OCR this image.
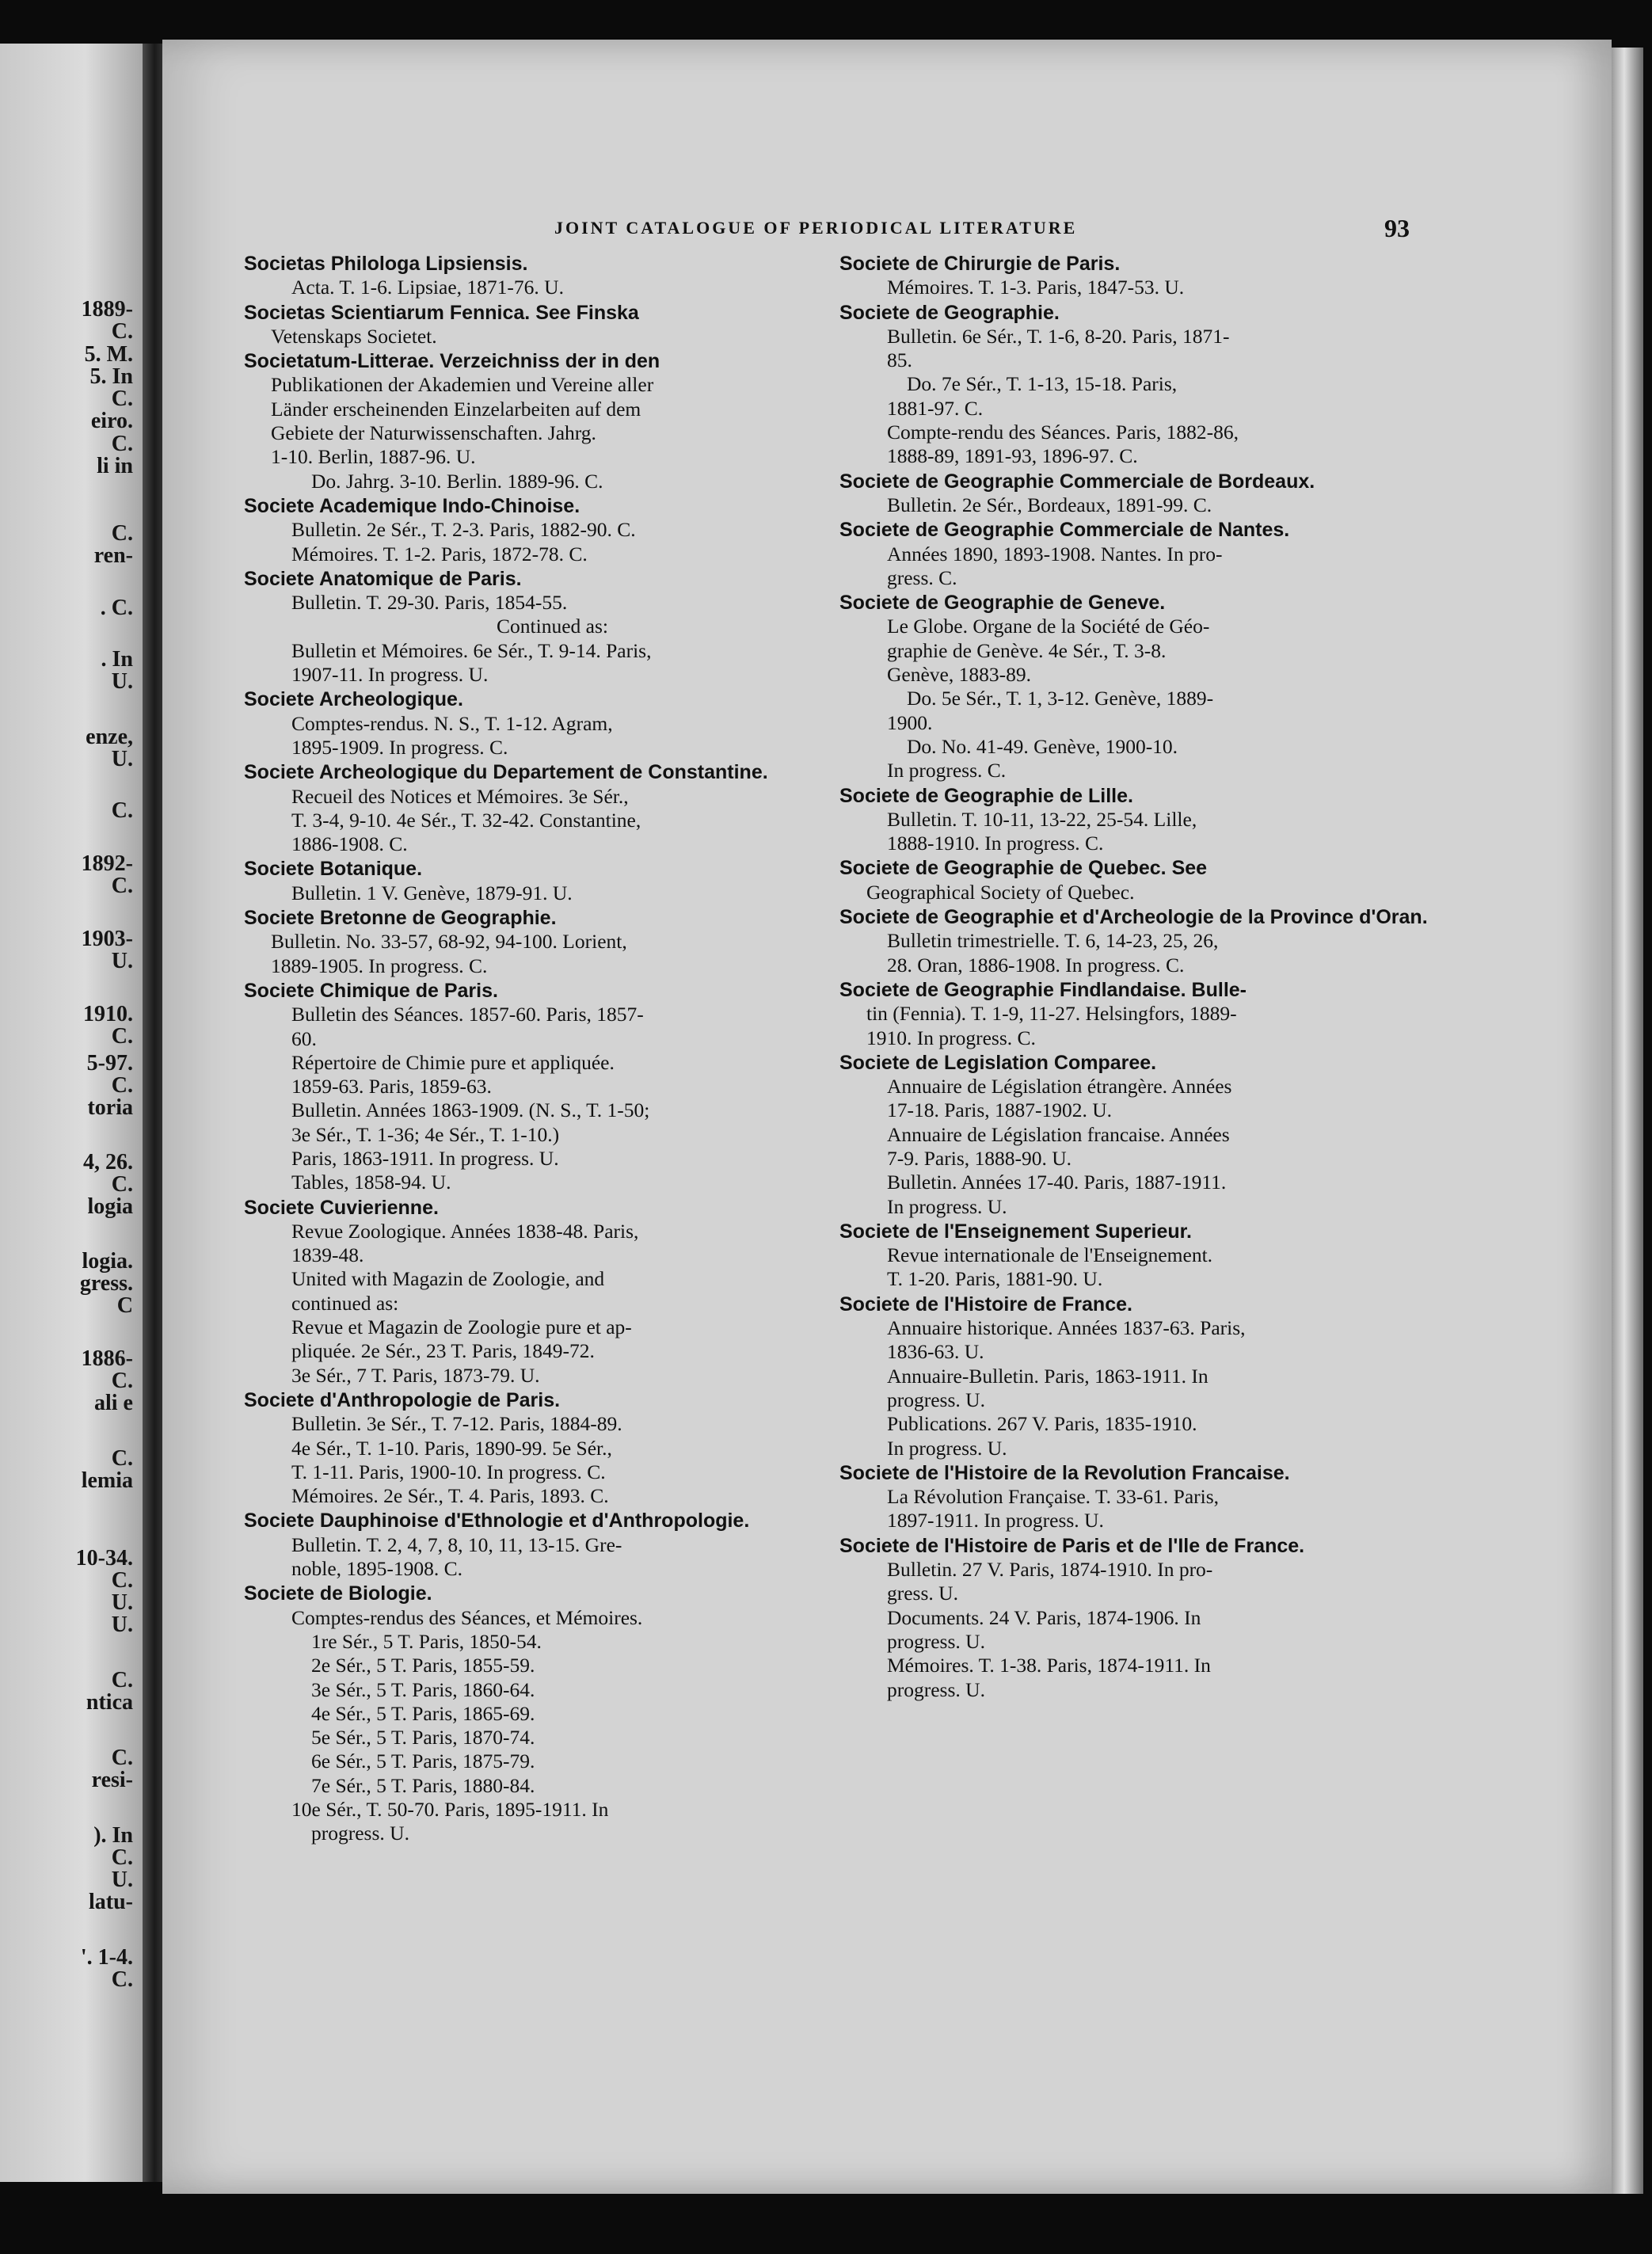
1889-
C.
5. M.
5. In
C.
eiro.
C.
li in
C.
ren-
. C.
. In
U.
enze,
U.
C.
1892-
C.
1903-
U.
1910.
C.
5-97.
C.
toria
4, 26.
C.
logia
logia.
gress.
C
1886-
C.
ali e
C.
lemia
10-34.
C.
U.
U.
C.
ntica
C.
resi-
). In
C.
U.
latu-
'. 1-4.
C.
JOINT CATALOGUE OF PERIODICAL LITERATURE	93

Societas Philologa Lipsiensis.

Acta. T. 1-6. Lipsiae, 1871-76. U.

Societas Scientiarum Fennica. See Finska

Vetenskaps Societet.

Societatum-Litterae. Verzeichniss der in den

Publikationen der Akademien und Vereine aller

Länder erscheinenden Einzelarbeiten auf dem

Gebiete der Naturwissenschaften. Jahrg.

1-10. Berlin, 1887-96. U.

Do. Jahrg. 3-10. Berlin. 1889-96. C.

Societe Academique Indo-Chinoise.

Bulletin. 2e Sér., T. 2-3. Paris, 1882-90. C.

Mémoires. T. 1-2. Paris, 1872-78. C.

Societe Anatomique de Paris.

Bulletin. T. 29-30. Paris, 1854-55.

Continued as:

Bulletin et Mémoires. 6e Sér., T. 9-14. Paris,

1907-11. In progress. U.

Societe Archeologique.

Comptes-rendus. N. S., T. 1-12. Agram,

1895-1909. In progress. C.

Societe Archeologique du Departement de Constantine.

Recueil des Notices et Mémoires. 3e Sér.,

T. 3-4, 9-10. 4e Sér., T. 32-42. Constantine,

1886-1908. C.

Societe Botanique.

Bulletin. 1 V. Genève, 1879-91. U.

Societe Bretonne de Geographie.

Bulletin. No. 33-57, 68-92, 94-100. Lorient,

1889-1905. In progress. C.

Societe Chimique de Paris.

Bulletin des Séances. 1857-60. Paris, 1857-

60.

Répertoire de Chimie pure et appliquée.

1859-63. Paris, 1859-63.

Bulletin. Années 1863-1909. (N. S., T. 1-50;

3e Sér., T. 1-36; 4e Sér., T. 1-10.)

Paris, 1863-1911. In progress. U.

Tables, 1858-94. U.

Societe Cuvierienne.

Revue Zoologique. Années 1838-48. Paris,

1839-48.

United with Magazin de Zoologie, and

continued as:

Revue et Magazin de Zoologie pure et ap-

pliquée. 2e Sér., 23 T. Paris, 1849-72.

3e Sér., 7 T. Paris, 1873-79. U.

Societe d'Anthropologie de Paris.

Bulletin. 3e Sér., T. 7-12. Paris, 1884-89.

4e Sér., T. 1-10. Paris, 1890-99. 5e Sér.,

T. 1-11. Paris, 1900-10. In progress. C.

Mémoires. 2e Sér., T. 4. Paris, 1893. C.

Societe Dauphinoise d'Ethnologie et d'Anthropologie.

Bulletin. T. 2, 4, 7, 8, 10, 11, 13-15. Gre-

noble, 1895-1908. C.

Societe de Biologie.

Comptes-rendus des Séances, et Mémoires.

1re Sér., 5 T. Paris, 1850-54.

2e Sér., 5 T. Paris, 1855-59.

3e Sér., 5 T. Paris, 1860-64.

4e Sér., 5 T. Paris, 1865-69.

5e Sér., 5 T. Paris, 1870-74.

6e Sér., 5 T. Paris, 1875-79.

7e Sér., 5 T. Paris, 1880-84.

10e Sér., T. 50-70. Paris, 1895-1911. In

progress. U.

Societe de Chirurgie de Paris.

Mémoires. T. 1-3. Paris, 1847-53. U.

Societe de Geographie.

Bulletin. 6e Sér., T. 1-6, 8-20. Paris, 1871-

85.

Do. 7e Sér., T. 1-13, 15-18. Paris,

1881-97. C.

Compte-rendu des Séances. Paris, 1882-86,

1888-89, 1891-93, 1896-97. C.

Societe de Geographie Commerciale de Bordeaux.

Bulletin. 2e Sér., Bordeaux, 1891-99. C.

Societe de Geographie Commerciale de Nantes.

Années 1890, 1893-1908. Nantes. In pro-

gress. C.

Societe de Geographie de Geneve.

Le Globe. Organe de la Société de Géo-

graphie de Genève. 4e Sér., T. 3-8.

Genève, 1883-89.

Do. 5e Sér., T. 1, 3-12. Genève, 1889-

1900.

Do. No. 41-49. Genève, 1900-10.

In progress. C.

Societe de Geographie de Lille.

Bulletin. T. 10-11, 13-22, 25-54. Lille,

1888-1910. In progress. C.

Societe de Geographie de Quebec. See

Geographical Society of Quebec.

Societe de Geographie et d'Archeologie de la Province d'Oran.

Bulletin trimestrielle. T. 6, 14-23, 25, 26,

28. Oran, 1886-1908. In progress. C.

Societe de Geographie Findlandaise. Bulle-

tin (Fennia). T. 1-9, 11-27. Helsingfors, 1889-

1910. In progress. C.

Societe de Legislation Comparee.

Annuaire de Législation étrangère. Années

17-18. Paris, 1887-1902. U.

Annuaire de Législation francaise. Années

7-9. Paris, 1888-90. U.

Bulletin. Années 17-40. Paris, 1887-1911.

In progress. U.

Societe de l'Enseignement Superieur.

Revue internationale de l'Enseignement.

T. 1-20. Paris, 1881-90. U.

Societe de l'Histoire de France.

Annuaire historique. Années 1837-63. Paris,

1836-63. U.

Annuaire-Bulletin. Paris, 1863-1911. In

progress. U.

Publications. 267 V. Paris, 1835-1910.

In progress. U.

Societe de l'Histoire de la Revolution Francaise.

La Révolution Française. T. 33-61. Paris,

1897-1911. In progress. U.

Societe de l'Histoire de Paris et de l'Ile de France.

Bulletin. 27 V. Paris, 1874-1910. In pro-

gress. U.

Documents. 24 V. Paris, 1874-1906. In

progress. U.

Mémoires. T. 1-38. Paris, 1874-1911. In

progress. U.
